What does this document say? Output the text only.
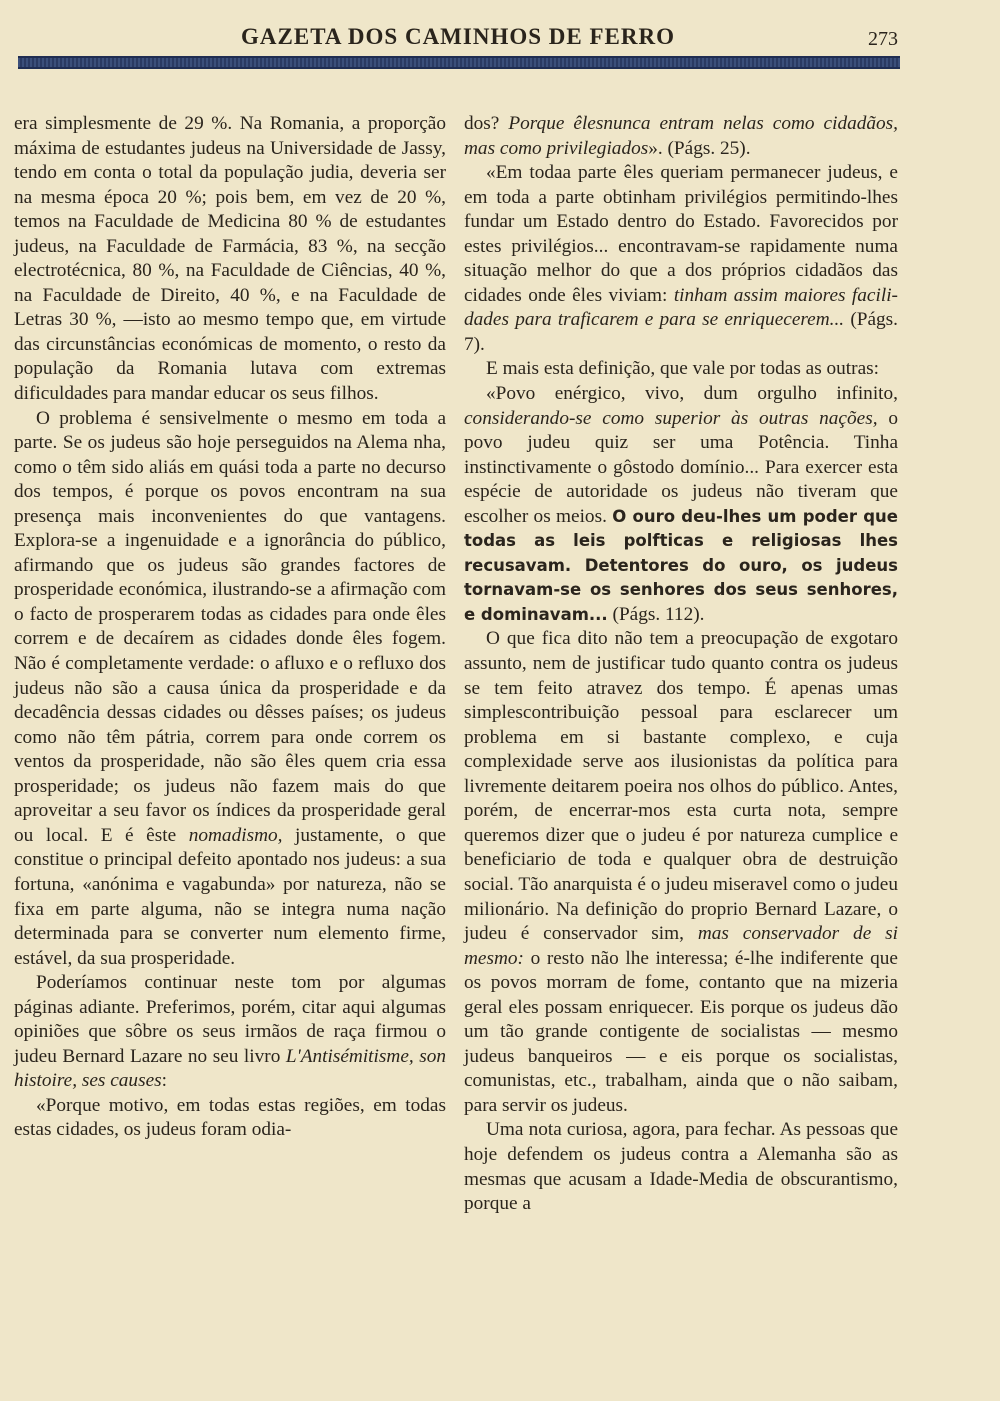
GAZETA DOS CAMINHOS DE FERRO	273

era simplesmente de 29 %. Na Romania, a proporção máxima de estudantes judeus na Universidade de Jassy, tendo em conta o total da população judia, deveria ser na mesma época 20 %; pois bem, em vez de 20 %, temos na Faculdade de Medicina 80 % de estudantes judeus, na Faculdade de Farmácia, 83 %, na secção electrotécnica, 80 %, na Faculdade de Ciências, 40 %, na Faculdade de Direito, 40 %, e na Faculdade de Letras 30 %, —isto ao mesmo tempo que, em virtude das circunstâncias económicas de momento, o resto da população da Romania lutava com extremas dificuldades para mandar educar os seus filhos.

O problema é sensivelmente o mesmo em toda a parte. Se os judeus são hoje perseguidos na Alema nha, como o têm sido aliás em quási toda a parte no decurso dos tempos, é porque os povos encontram na sua presença mais inconvenientes do que vantagens. Explora-se a ingenuidade e a ignorância do público, afirmando que os judeus são grandes factores de prosperidade económica, ilustrando-se a afirmação com o facto de prosperarem todas as cidades para onde êles correm e de decaírem as cidades donde êles fogem. Não é completamente verdade: o afluxo e o refluxo dos judeus não são a causa única da prosperidade e da decadência dessas cidades ou dêsses países; os judeus como não têm pátria, correm para onde correm os ventos da prosperidade, não são êles quem cria essa prosperidade; os judeus não fazem mais do que aproveitar a seu favor os índices da prosperidade geral ou local. E é êste nomadismo, justamente, o que constitue o principal defeito apontado nos judeus: a sua fortuna, «anónima e vagabunda» por natureza, não se fixa em parte alguma, não se integra numa nação determinada para se converter num elemento firme, estável, da sua prosperidade.

Poderíamos continuar neste tom por algumas páginas adiante. Preferimos, porém, citar aqui algumas opiniões que sôbre os seus irmãos de raça firmou o judeu Bernard Lazare no seu livro L'Antisémitisme, son histoire, ses causes:

«Porque motivo, em todas estas regiões, em todas estas cidades, os judeus foram odia-

dos? Porque êlesnunca entram nelas como cidadãos, mas como privilegiados». (Págs. 25).

«Em todaa parte êles queriam permanecer judeus, e em toda a parte obtinham privilégios permitindo-lhes fundar um Estado dentro do Estado. Favorecidos por estes privilégios... encontravam-se rapidamente numa situação melhor do que a dos próprios cidadãos das cidades onde êles viviam: tinham assim maiores facili- dades para traficarem e para se enriquecerem... (Págs. 7).

E mais esta definição, que vale por todas as outras:

«Povo enérgico, vivo, dum orgulho infinito, considerando-se como superior às outras nações, o povo judeu quiz ser uma Potência. Tinha instinctivamente o gôstodo domínio... Para exercer esta espécie de autoridade os judeus não tiveram que escolher os meios. O ouro deu-lhes um poder que todas as leis polfticas e religiosas lhes recusavam. Detentores do ouro, os judeus tornavam-se os senhores dos seus senhores, e dominavam... (Págs. 112).

O que fica dito não tem a preocupação de exgotaro assunto, nem de justificar tudo quanto contra os judeus se tem feito atravez dos tempo. É apenas umas simplescontribuição pessoal para esclarecer um problema em si bastante complexo, e cuja complexidade serve aos ilusionistas da política para livremente deitarem poeira nos olhos do público. Antes, porém, de encerrar-mos esta curta nota, sempre queremos dizer que o judeu é por natureza cumplice e beneficiario de toda e qualquer obra de destruição social. Tão anarquista é o judeu miseravel como o judeu milionário. Na definição do proprio Bernard Lazare, o judeu é conservador sim, mas conservador de si mesmo: o resto não lhe interessa; é-lhe indiferente que os povos morram de fome, contanto que na mizeria geral eles possam enriquecer. Eis porque os judeus dão um tão grande contigente de socialistas — mesmo judeus banqueiros — e eis porque os socialistas, comunistas, etc., trabalham, ainda que o não saibam, para servir os judeus.

Uma nota curiosa, agora, para fechar. As pessoas que hoje defendem os judeus contra a Alemanha são as mesmas que acusam a Idade-Media de obscurantismo, porque a
